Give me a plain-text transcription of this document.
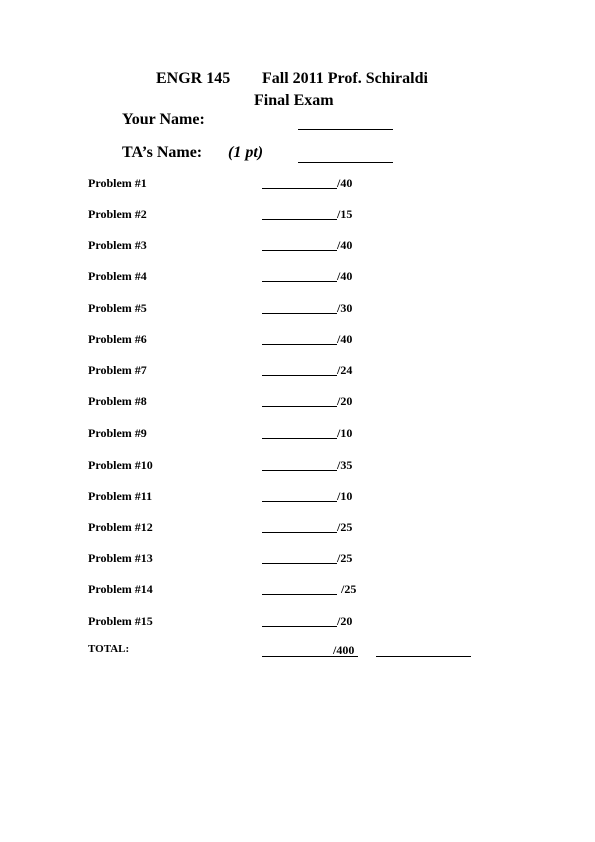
ENGR 145 Fall 2011 Prof. Schiraldi
Final Exam
Your Name:
TA’s Name: (1 pt)
Problem #1	/40
Problem #2	/15
Problem #3	/40
Problem #4	/40
Problem #5	/30
Problem #6	/40
Problem #7	/24
Problem #8	/20
Problem #9	/10
Problem #10	/35
Problem #11	/10
Problem #12	/25
Problem #13	/25
Problem #14	/25
Problem #15	/20
TOTAL:	/400
